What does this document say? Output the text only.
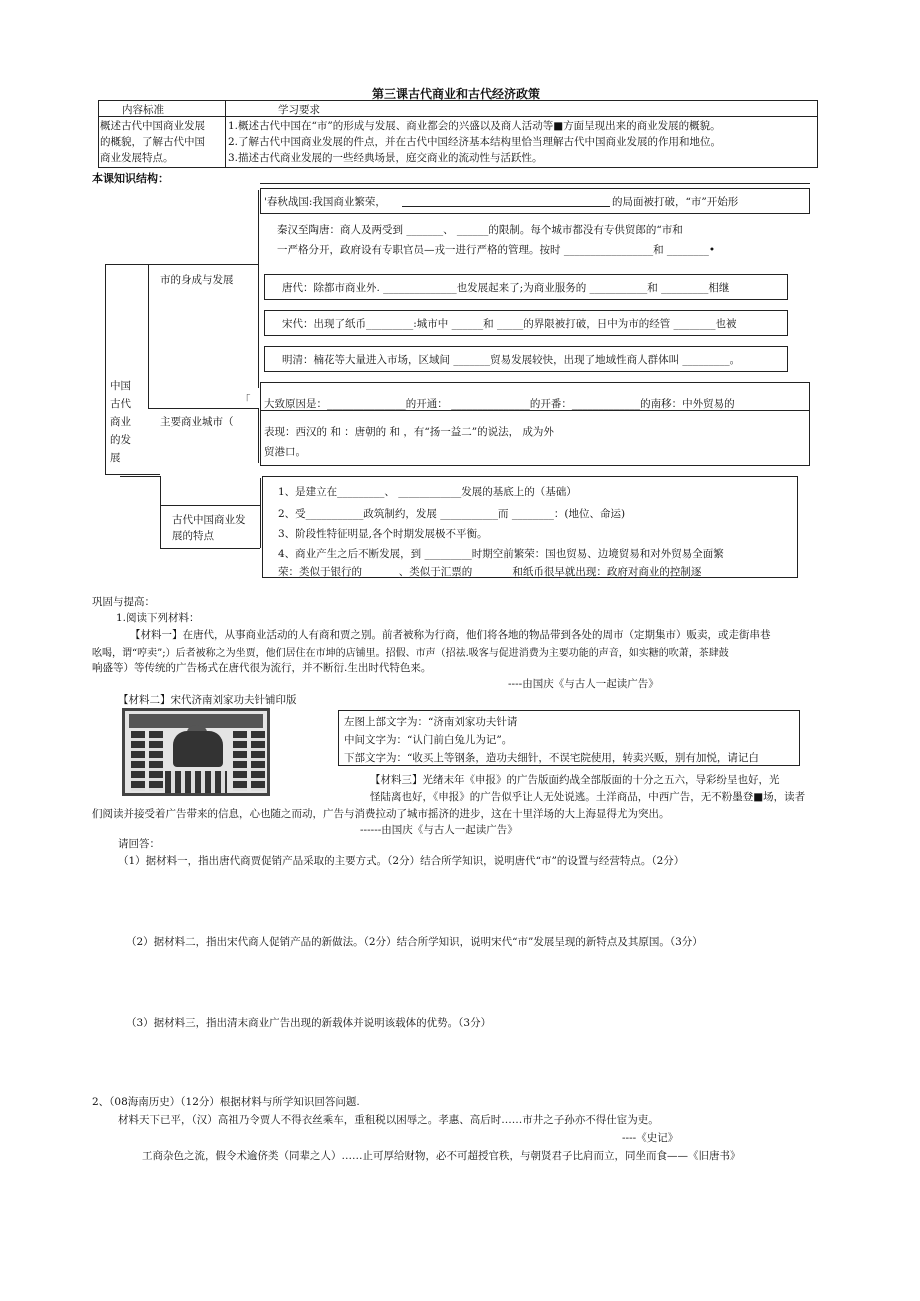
第三课古代商业和古代经济政策
内容标准	学习要求
概述古代中国商业发展
的概貌，了解古代中国
商业发展特点。
1.概述古代中国在“市”的形成与发展、商业都会的兴盛以及商人活动等■方面呈现出来的商业发展的概貌。
2.了解古代中国商业发展的件点，并在古代中国经济基本结构里恰当理解古代中国商业发展的作用和地位。
3.描述古代商业发展的一些经典场景，庭交商业的流动性与活跃性。
本课知识结构：
中国
古代
商业
的发
展
市的身成与发展
主要商业城市（
「
古代中国商业发
展的特点
'春秋战国:我国商业繁荣，	的局面被打破，“市”开始形
秦汉至陶唐：商人及两受到 _______、 ______的限制。每个城市都没有专供贸郎的“市和
一严格分开，政府设有专职官员—戎一进行严格的管理。按时 _________________和 ________•
唐代：除都市商业外. ______________也发展起来了;为商业服务的 ___________和 _________相继
宋代：出现了纸币_________:城市中 ______和 _____的界限被打破，日中为市的经管 ________也被
明清：楠花等大量进入市场，区域间 _______贸易发展较快，出现了地域性商人群体叫 _________。
大致原因是：_______________的开通： _______________的开番：_____________的南移：中外贸易的
表现：西汉的 和 ：唐朝的 和 ，有“扬一益二”的说法， 成为外
贸港口。
1、是建立在_________、 ____________发展的基底上的（基础）
2、受___________政筑制约，发展 ___________而 ________：(地位、命运)
3、阶段性特征明显,各个时期发展极不平衡。
4、商业产生之后不断发展，到 _________时期空前繁荣：国也贸易、边境贸易和对外贸易全面繁
荣：类似于银行的_______、类似于汇票的 _______和纸币很早就出现：政府对商业的控制逐
巩固与提高：
1.阅读下列材料：
【材料一】在唐代，从事商业活动的人有商和贾之别。前者被称为行商，他们将各地的物品带到各处的周市（定期集市）贩卖，或走街串巷
吆喝，谓“哼卖”;）后者被称之为坐贾，他们居住在市坤的店铺里。招假、市声（招祛.吸客与促进消费为主要功能的声音，如实糖的吹萧，茶肆鼓
响盛等）等传统的广告杨式在唐代很为流行，并不断衍.生出时代特色来。
----由国庆《与古人一起读广告》
【材料二】宋代济南刘家功夫针铺印版
左图上部文字为：“济南刘家功夫针请
中间文字为：“认门前白兔儿为记”。
下部文字为：“收买上等钢条，造功夫细针，不误宅院使用，转卖兴贩，别有加悦，请记白
【材料三】光绪末年《申报》的广告版面约战全部版面的十分之五六，导彩纷呈也好，光
怪陆离也好，《申报》的广告似乎让人无处说逃。土洋商品，中西广告，无不粉墨登■场，读者
们阅读并接受着广告带来的信息，心也随之而动，广告与消费拉动了城市摇济的进步，这在十里洋场的大上海显得尤为突出。
------由国庆《与古人一起读广告》
请回答：
（1）据材料一，指出唐代商贾促销产品采取的主要方式。（2分）结合所学知识，说明唐代“市”的设置与经营特点。（2分）
（2）据材料二，指出宋代商人促销产品的新做法。（2分）结合所学知识，说明宋代“市”发展呈现的新特点及其原国。（3分）
（3）据材料三，指出清末商业广告出现的新载体并说明该载体的优势。（3分）
2、（08海南历史）（12分）根据材料与所学知识回答问题.
材料天下已平，（汉）高祖乃令贾人不得衣丝乘车，重租税以困辱之。孝惠、高后时……市井之子孙亦不得仕宦为吏。
----《史记》
工商杂色之流，假令术逾侪类（同辈之人）……止可厚给财物，必不可超授官秩，与朝贤君子比肩而立，同坐而食——《旧唐书》
